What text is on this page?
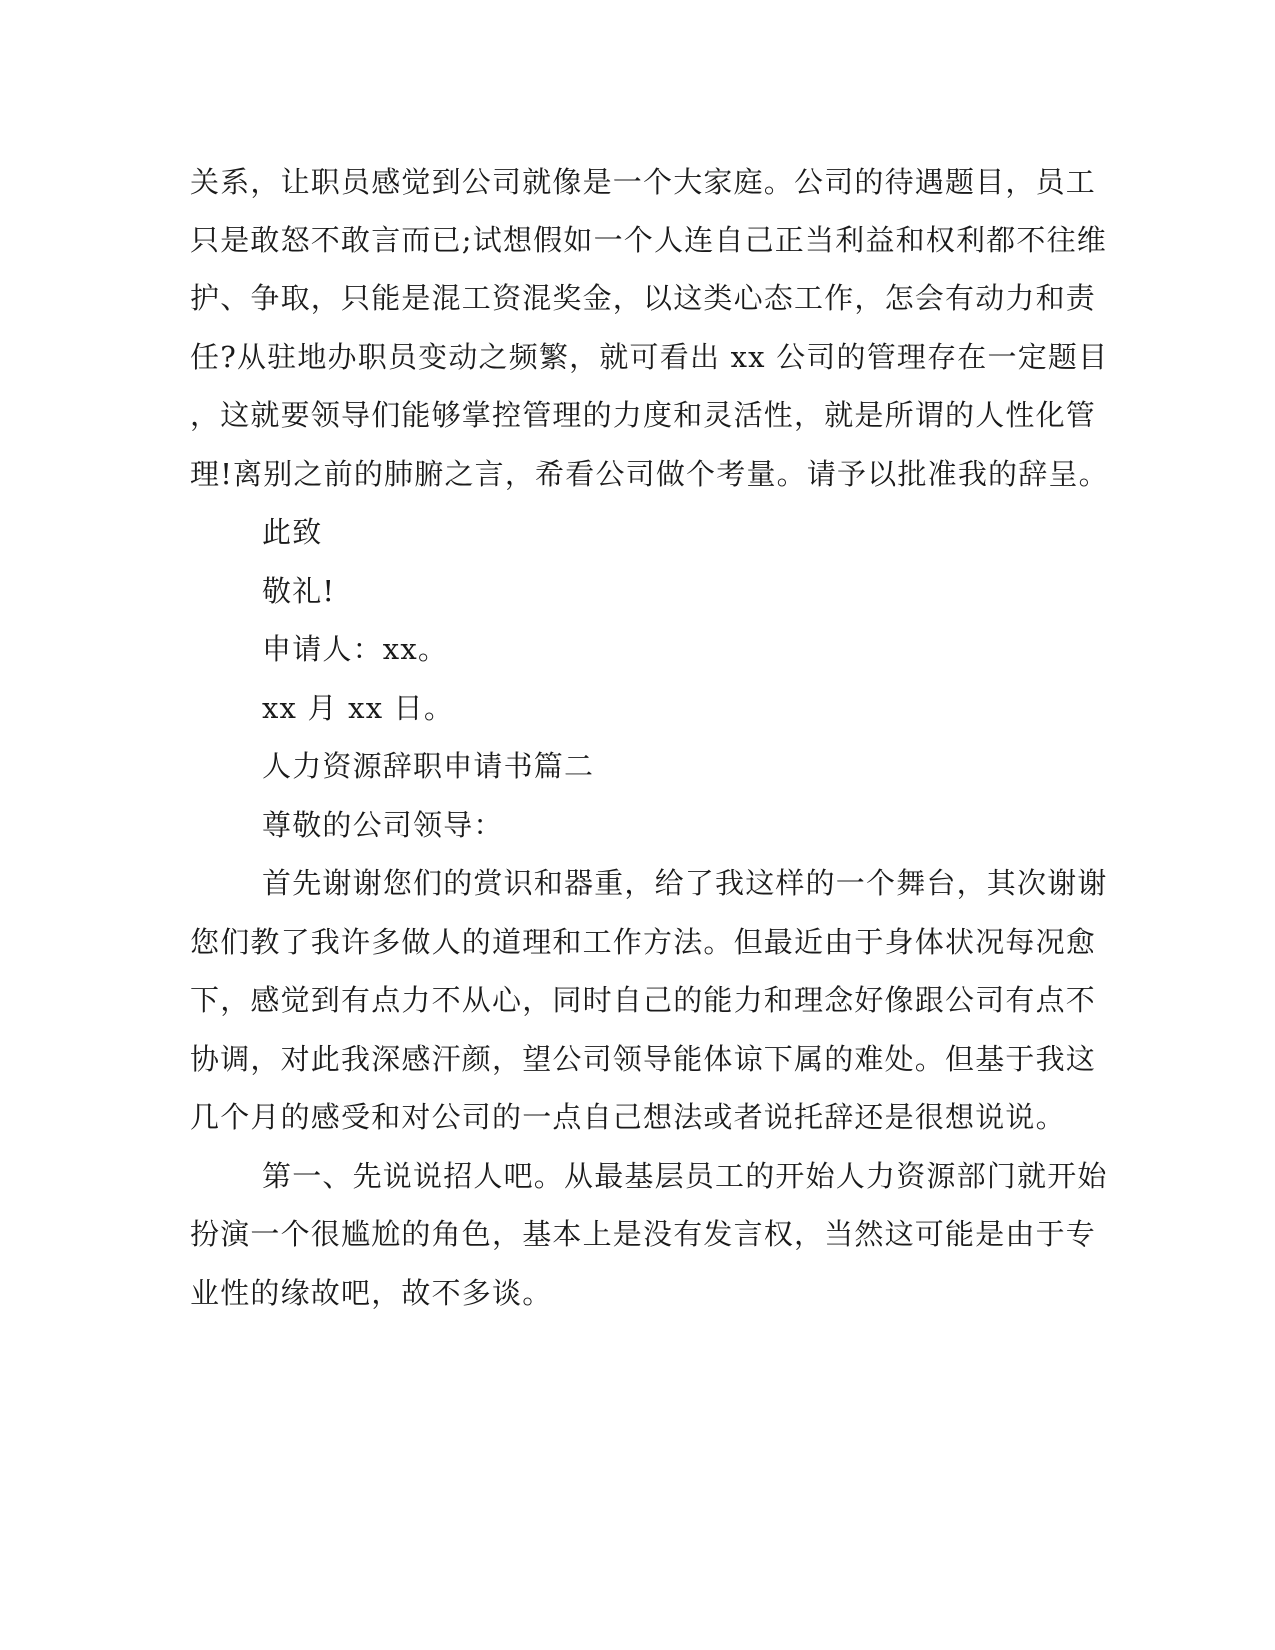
关系，让职员感觉到公司就像是一个大家庭。公司的待遇题目，员工
只是敢怒不敢言而已;试想假如一个人连自己正当利益和权利都不往维
护、争取，只能是混工资混奖金，以这类心态工作，怎会有动力和责
任?从驻地办职员变动之频繁，就可看出 xx 公司的管理存在一定题目
，这就要领导们能够掌控管理的力度和灵活性，就是所谓的人性化管
理!离别之前的肺腑之言，希看公司做个考量。请予以批准我的辞呈。
此致
敬礼!
申请人：xx。
xx 月 xx 日。
人力资源辞职申请书篇二
尊敬的公司领导：
首先谢谢您们的赏识和器重，给了我这样的一个舞台，其次谢谢
您们教了我许多做人的道理和工作方法。但最近由于身体状况每况愈
下，感觉到有点力不从心，同时自己的能力和理念好像跟公司有点不
协调，对此我深感汗颜，望公司领导能体谅下属的难处。但基于我这
几个月的感受和对公司的一点自己想法或者说托辞还是很想说说。
第一、先说说招人吧。从最基层员工的开始人力资源部门就开始
扮演一个很尴尬的角色，基本上是没有发言权，当然这可能是由于专
业性的缘故吧，故不多谈。
